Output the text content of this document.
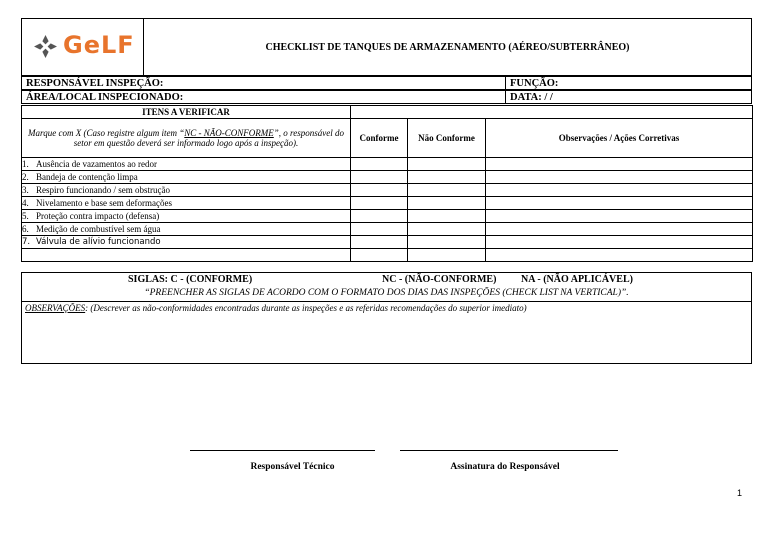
GeLF	CHECKLIST DE TANQUES DE ARMAZENAMENTO (AÉREO/SUBTERRÂNEO)
RESPONSÁVEL INSPEÇÃO:	FUNÇÃO:
ÁREA/LOCAL INSPECIONADO:	DATA: / /
ITENS A VERIFICAR			
Marque com X (Caso registre algum item “NC - NÃO-CONFORME”, o responsável do
setor em questão deverá ser informado logo após a inspeção).	Conforme	Não Conforme	Observações / Ações Corretivas
1. Ausência de vazamentos ao redor			
2. Bandeja de contenção limpa			
3. Respiro funcionando / sem obstrução			
4. Nivelamento e base sem deformações			
5. Proteção contra impacto (defensa)			
6. Medição de combustível sem água			
7. Válvula de alívio funcionando			

SIGLAS: C - (CONFORME)	NC - (NÃO-CONFORME) NA - (NÃO APLICÁVEL)
“PREENCHER AS SIGLAS DE ACORDO COM O FORMATO DOS DIAS DAS INSPEÇÕES (CHECK LIST NA VERTICAL)”.
OBSERVAÇÕES: (Descrever as não-conformidades encontradas durante as inspeções e as referidas recomendações do superior imediato)
Responsável Técnico	Assinatura do Responsável
1
